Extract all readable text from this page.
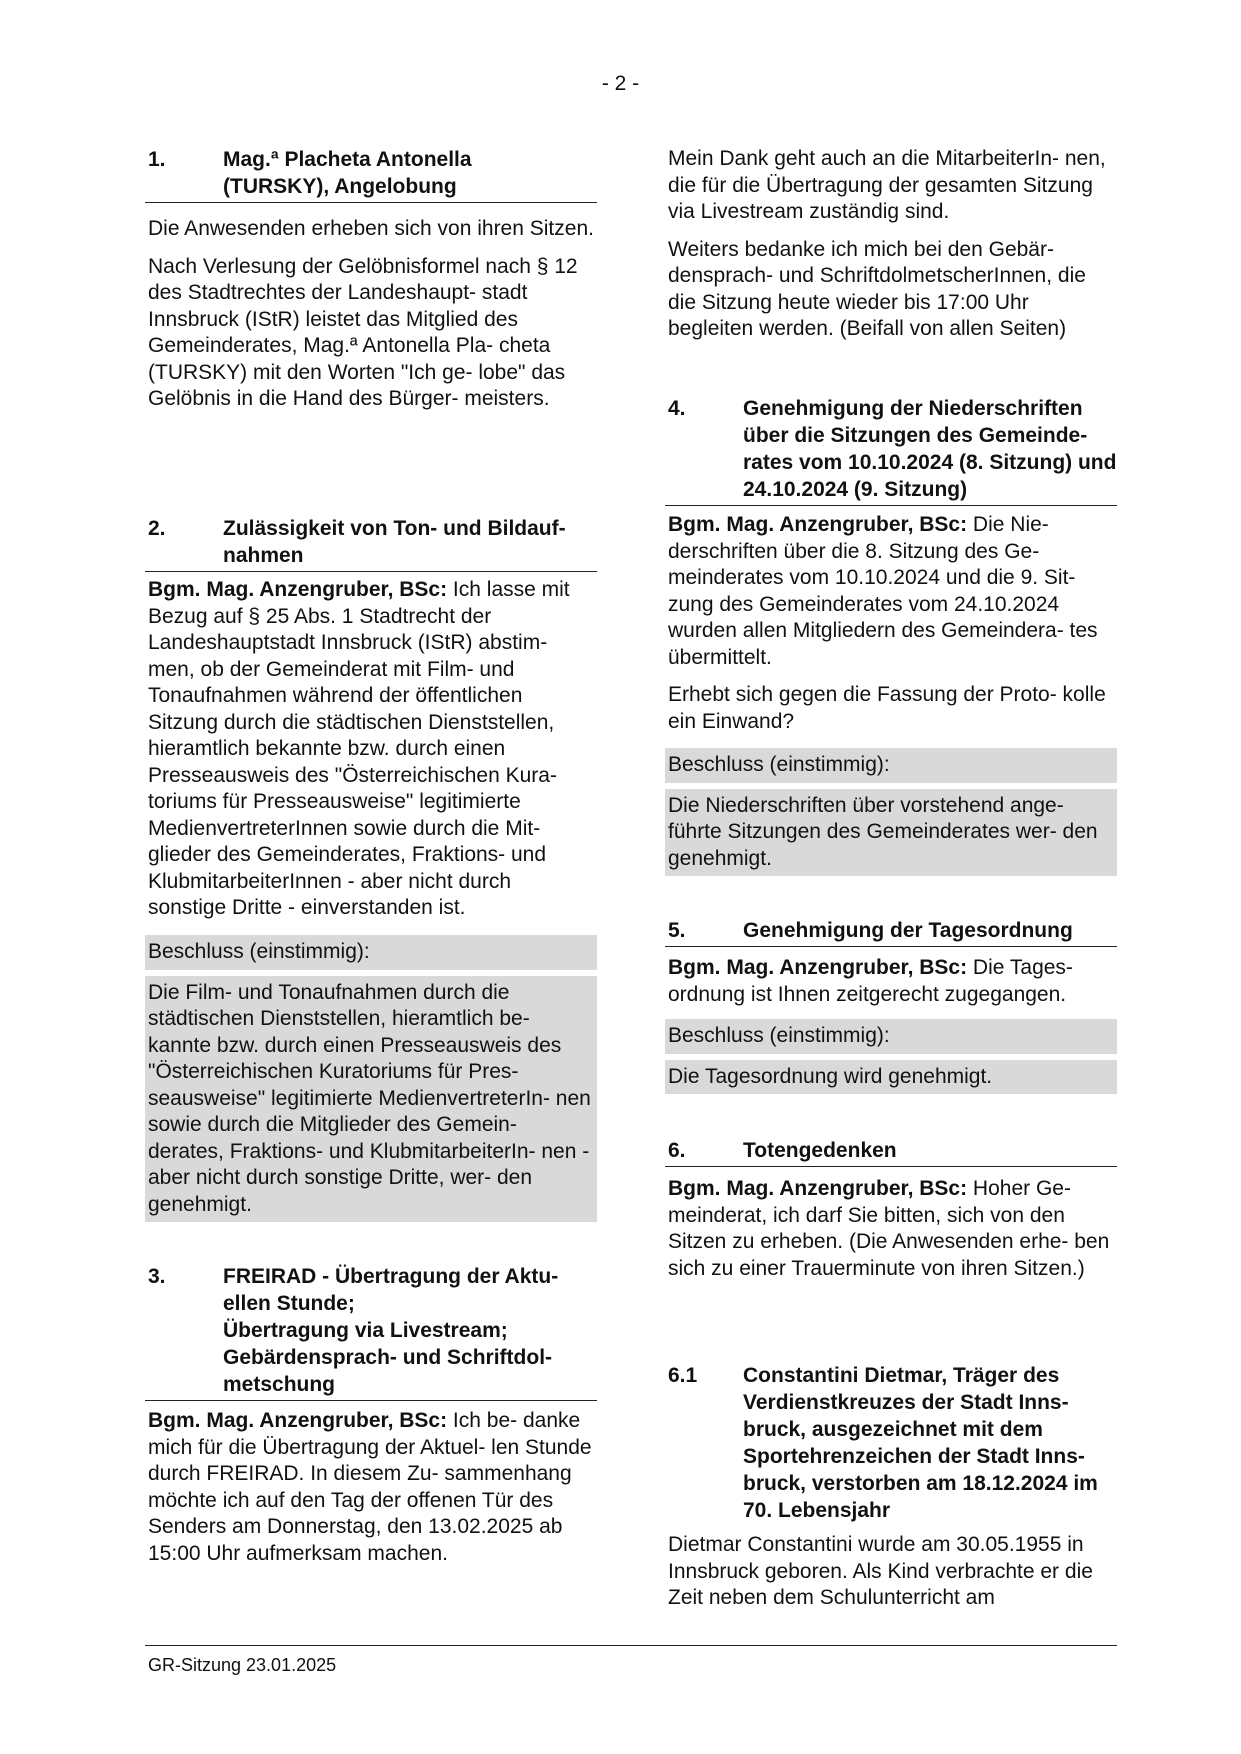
- 2 -
1.	Mag.ª Placheta Antonella
(TURSKY), Angelobung

Die Anwesenden erheben sich von ihren Sitzen.

Nach Verlesung der Gelöbnisformel nach § 12 des Stadtrechtes der Landeshaupt- stadt Innsbruck (IStR) leistet das Mitglied des Gemeinderates, Mag.ª Antonella Pla- cheta (TURSKY) mit den Worten "Ich ge- lobe" das Gelöbnis in die Hand des Bürger- meisters.

2.	Zulässigkeit von Ton- und Bildauf- nahmen

Bgm. Mag. Anzengruber, BSc: Ich lasse mit Bezug auf § 25 Abs. 1 Stadtrecht der Landeshauptstadt Innsbruck (IStR) abstim- men, ob der Gemeinderat mit Film- und Tonaufnahmen während der öffentlichen Sitzung durch die städtischen Dienststellen, hieramtlich bekannte bzw. durch einen Presseausweis des "Österreichischen Kura- toriums für Presseausweise" legitimierte MedienvertreterInnen sowie durch die Mit- glieder des Gemeinderates, Fraktions- und KlubmitarbeiterInnen - aber nicht durch sonstige Dritte - einverstanden ist.

Beschluss (einstimmig):

Die Film- und Tonaufnahmen durch die städtischen Dienststellen, hieramtlich be- kannte bzw. durch einen Presseausweis des "Österreichischen Kuratoriums für Pres- seausweise" legitimierte MedienvertreterIn- nen sowie durch die Mitglieder des Gemein- derates, Fraktions- und KlubmitarbeiterIn- nen - aber nicht durch sonstige Dritte, wer- den genehmigt.

3.	FREIRAD - Übertragung der Aktu- ellen Stunde;
Übertragung via Livestream;
Gebärdensprach- und Schriftdol- metschung

Bgm. Mag. Anzengruber, BSc: Ich be- danke mich für die Übertragung der Aktuel- len Stunde durch FREIRAD. In diesem Zu- sammenhang möchte ich auf den Tag der offenen Tür des Senders am Donnerstag, den 13.02.2025 ab 15:00 Uhr aufmerksam machen.

Mein Dank geht auch an die MitarbeiterIn- nen, die für die Übertragung der gesamten Sitzung via Livestream zuständig sind.

Weiters bedanke ich mich bei den Gebär- densprach- und SchriftdolmetscherInnen, die die Sitzung heute wieder bis 17:00 Uhr begleiten werden. (Beifall von allen Seiten)

4.	Genehmigung der Niederschriften über die Sitzungen des Gemeinde- rates vom 10.10.2024 (8. Sitzung) und 24.10.2024 (9. Sitzung)

Bgm. Mag. Anzengruber, BSc: Die Nie- derschriften über die 8. Sitzung des Ge- meinderates vom 10.10.2024 und die 9. Sit- zung des Gemeinderates vom 24.10.2024 wurden allen Mitgliedern des Gemeindera- tes übermittelt.

Erhebt sich gegen die Fassung der Proto- kolle ein Einwand?

Beschluss (einstimmig):

Die Niederschriften über vorstehend ange- führte Sitzungen des Gemeinderates wer- den genehmigt.

5.	Genehmigung der Tagesordnung

Bgm. Mag. Anzengruber, BSc: Die Tages- ordnung ist Ihnen zeitgerecht zugegangen.

Beschluss (einstimmig):

Die Tagesordnung wird genehmigt.

6.	Totengedenken

Bgm. Mag. Anzengruber, BSc: Hoher Ge- meinderat, ich darf Sie bitten, sich von den Sitzen zu erheben. (Die Anwesenden erhe- ben sich zu einer Trauerminute von ihren Sitzen.)

6.1	Constantini Dietmar, Träger des Verdienstkreuzes der Stadt Inns- bruck, ausgezeichnet mit dem Sportehrenzeichen der Stadt Inns- bruck, verstorben am 18.12.2024 im 70. Lebensjahr

Dietmar Constantini wurde am 30.05.1955 in Innsbruck geboren. Als Kind verbrachte er die Zeit neben dem Schulunterricht am

GR-Sitzung 23.01.2025
